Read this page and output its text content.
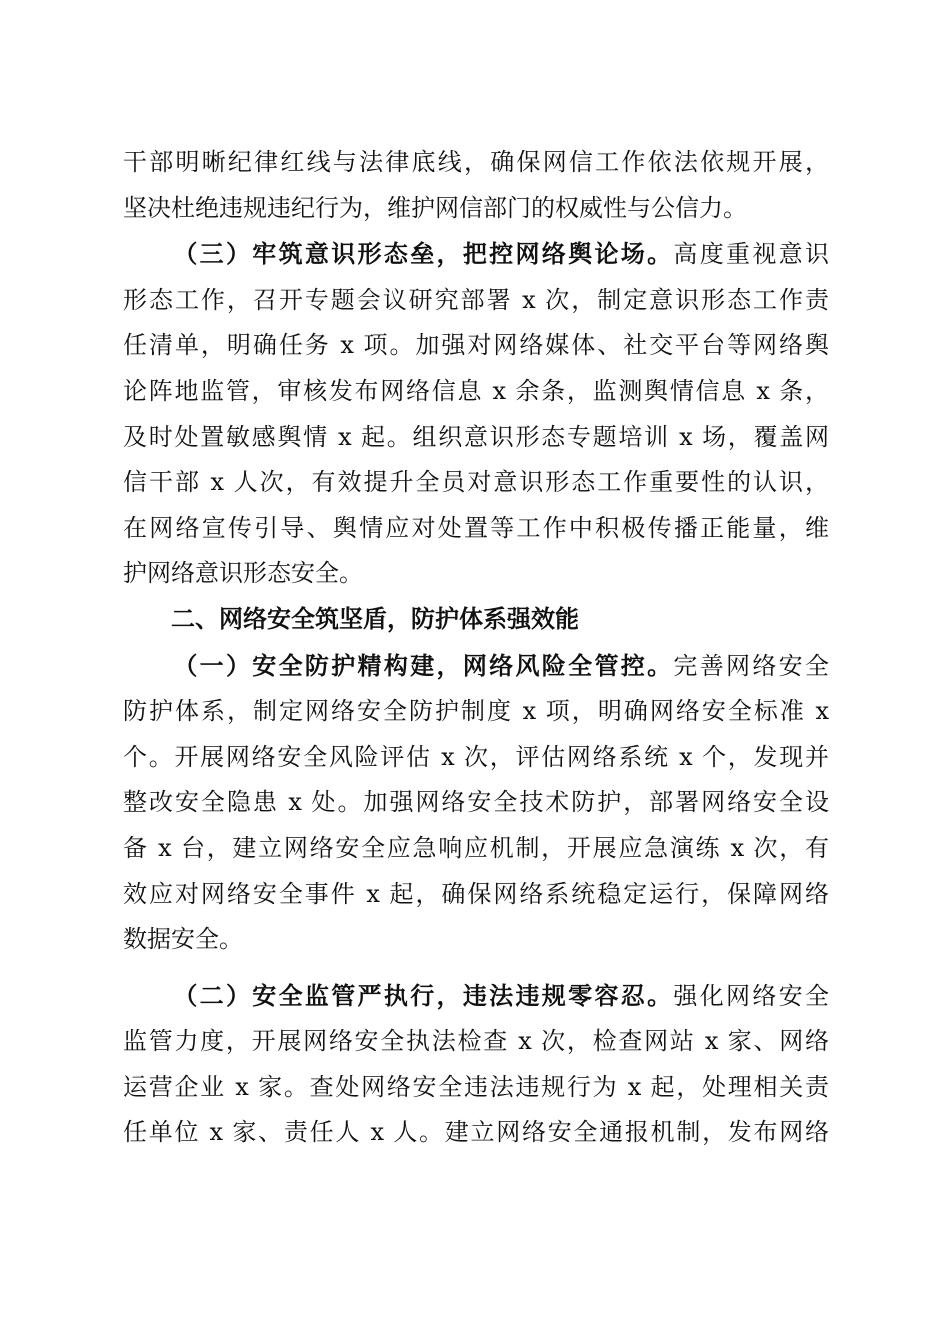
干部明晰纪律红线与法律底线，确保网信工作依法依规开展，
坚决杜绝违规违纪行为，维护网信部门的权威性与公信力。

  （三）牢筑意识形态垒，把控网络舆论场。高度重视意识
形态工作，召开专题会议研究部署 x 次，制定意识形态工作责
任清单，明确任务 x 项。加强对网络媒体、社交平台等网络舆
论阵地监管，审核发布网络信息 x 余条，监测舆情信息 x 条，
及时处置敏感舆情 x 起。组织意识形态专题培训 x 场，覆盖网
信干部 x 人次，有效提升全员对意识形态工作重要性的认识，
在网络宣传引导、舆情应对处置等工作中积极传播正能量，维
护网络意识形态安全。

  二、网络安全筑坚盾，防护体系强效能

  （一）安全防护精构建，网络风险全管控。完善网络安全
防护体系，制定网络安全防护制度 x 项，明确网络安全标准 x
个。开展网络安全风险评估 x 次，评估网络系统 x 个，发现并
整改安全隐患 x 处。加强网络安全技术防护，部署网络安全设
备 x 台，建立网络安全应急响应机制，开展应急演练 x 次，有
效应对网络安全事件 x 起，确保网络系统稳定运行，保障网络
数据安全。

  （二）安全监管严执行，违法违规零容忍。强化网络安全
监管力度，开展网络安全执法检查 x 次，检查网站 x 家、网络
运营企业 x 家。查处网络安全违法违规行为 x 起，处理相关责
任单位 x 家、责任人 x 人。建立网络安全通报机制，发布网络
